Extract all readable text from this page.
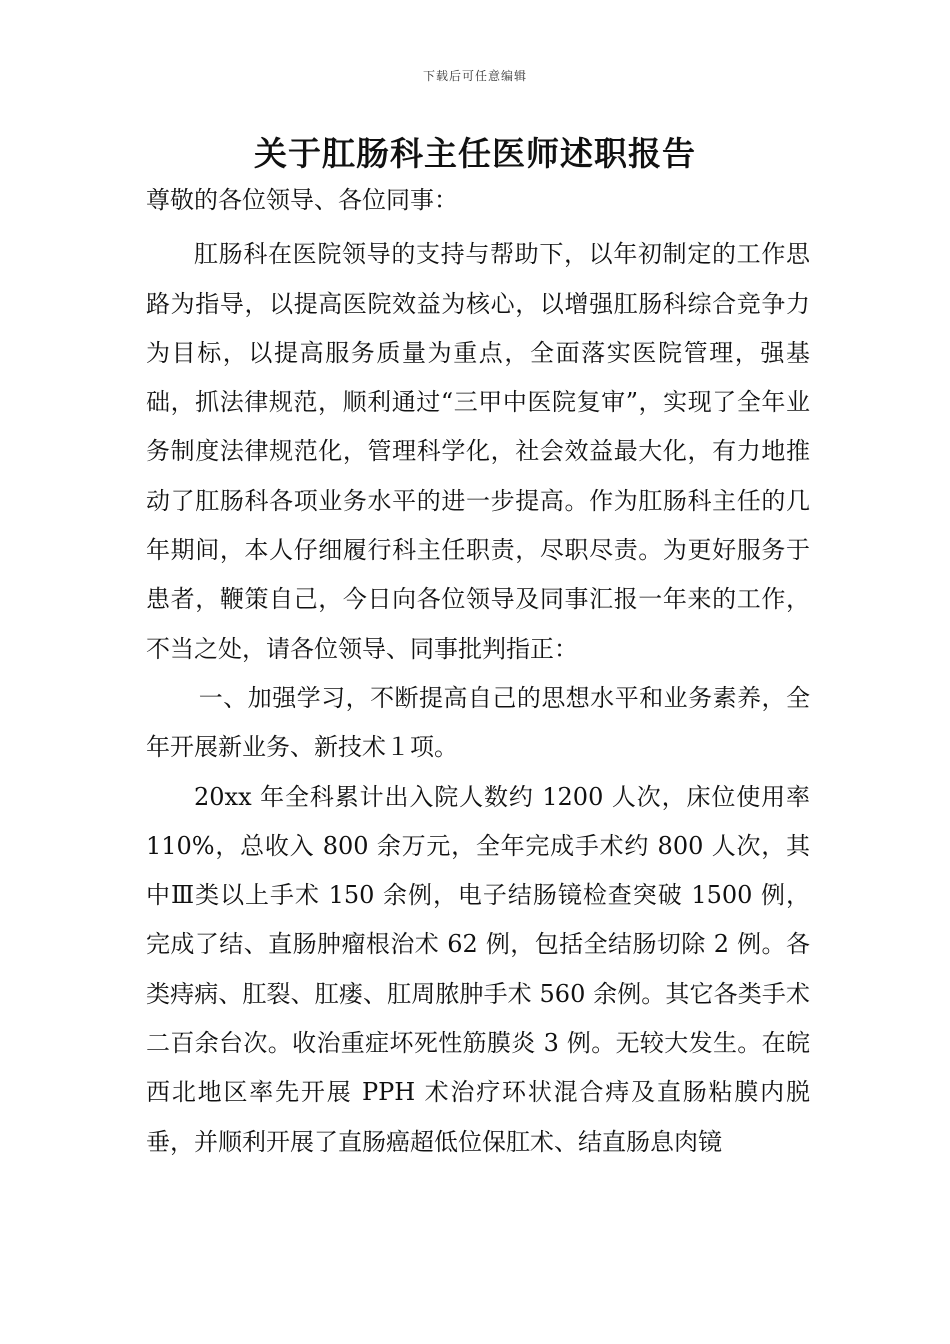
下载后可任意编辑
关于肛肠科主任医师述职报告

尊敬的各位领导、各位同事：

肛肠科在医院领导的支持与帮助下，以年初制定的工作思路为指导，以提高医院效益为核心，以增强肛肠科综合竞争力为目标，以提高服务质量为重点，全面落实医院管理，强基础，抓法律规范，顺利通过“三甲中医院复审”，实现了全年业务制度法律规范化，管理科学化，社会效益最大化，有力地推动了肛肠科各项业务水平的进一步提高。作为肛肠科主任的几年期间，本人仔细履行科主任职责，尽职尽责。为更好服务于患者，鞭策自己，今日向各位领导及同事汇报一年来的工作，不当之处，请各位领导、同事批判指正：

一、加强学习，不断提高自己的思想水平和业务素养，全年开展新业务、新技术１项。

20xx 年全科累计出入院人数约 1200 人次，床位使用率 110%，总收入 800 余万元，全年完成手术约 800 人次，其中Ⅲ类以上手术 150 余例，电子结肠镜检查突破 1500 例，完成了结、直肠肿瘤根治术 62 例，包括全结肠切除 2 例。各类痔病、肛裂、肛瘘、肛周脓肿手术 560 余例。其它各类手术二百余台次。收治重症坏死性筋膜炎 3 例。无较大发生。在皖西北地区率先开展 PPH 术治疗环状混合痔及直肠粘膜内脱垂，并顺利开展了直肠癌超低位保肛术、结直肠息肉镜
